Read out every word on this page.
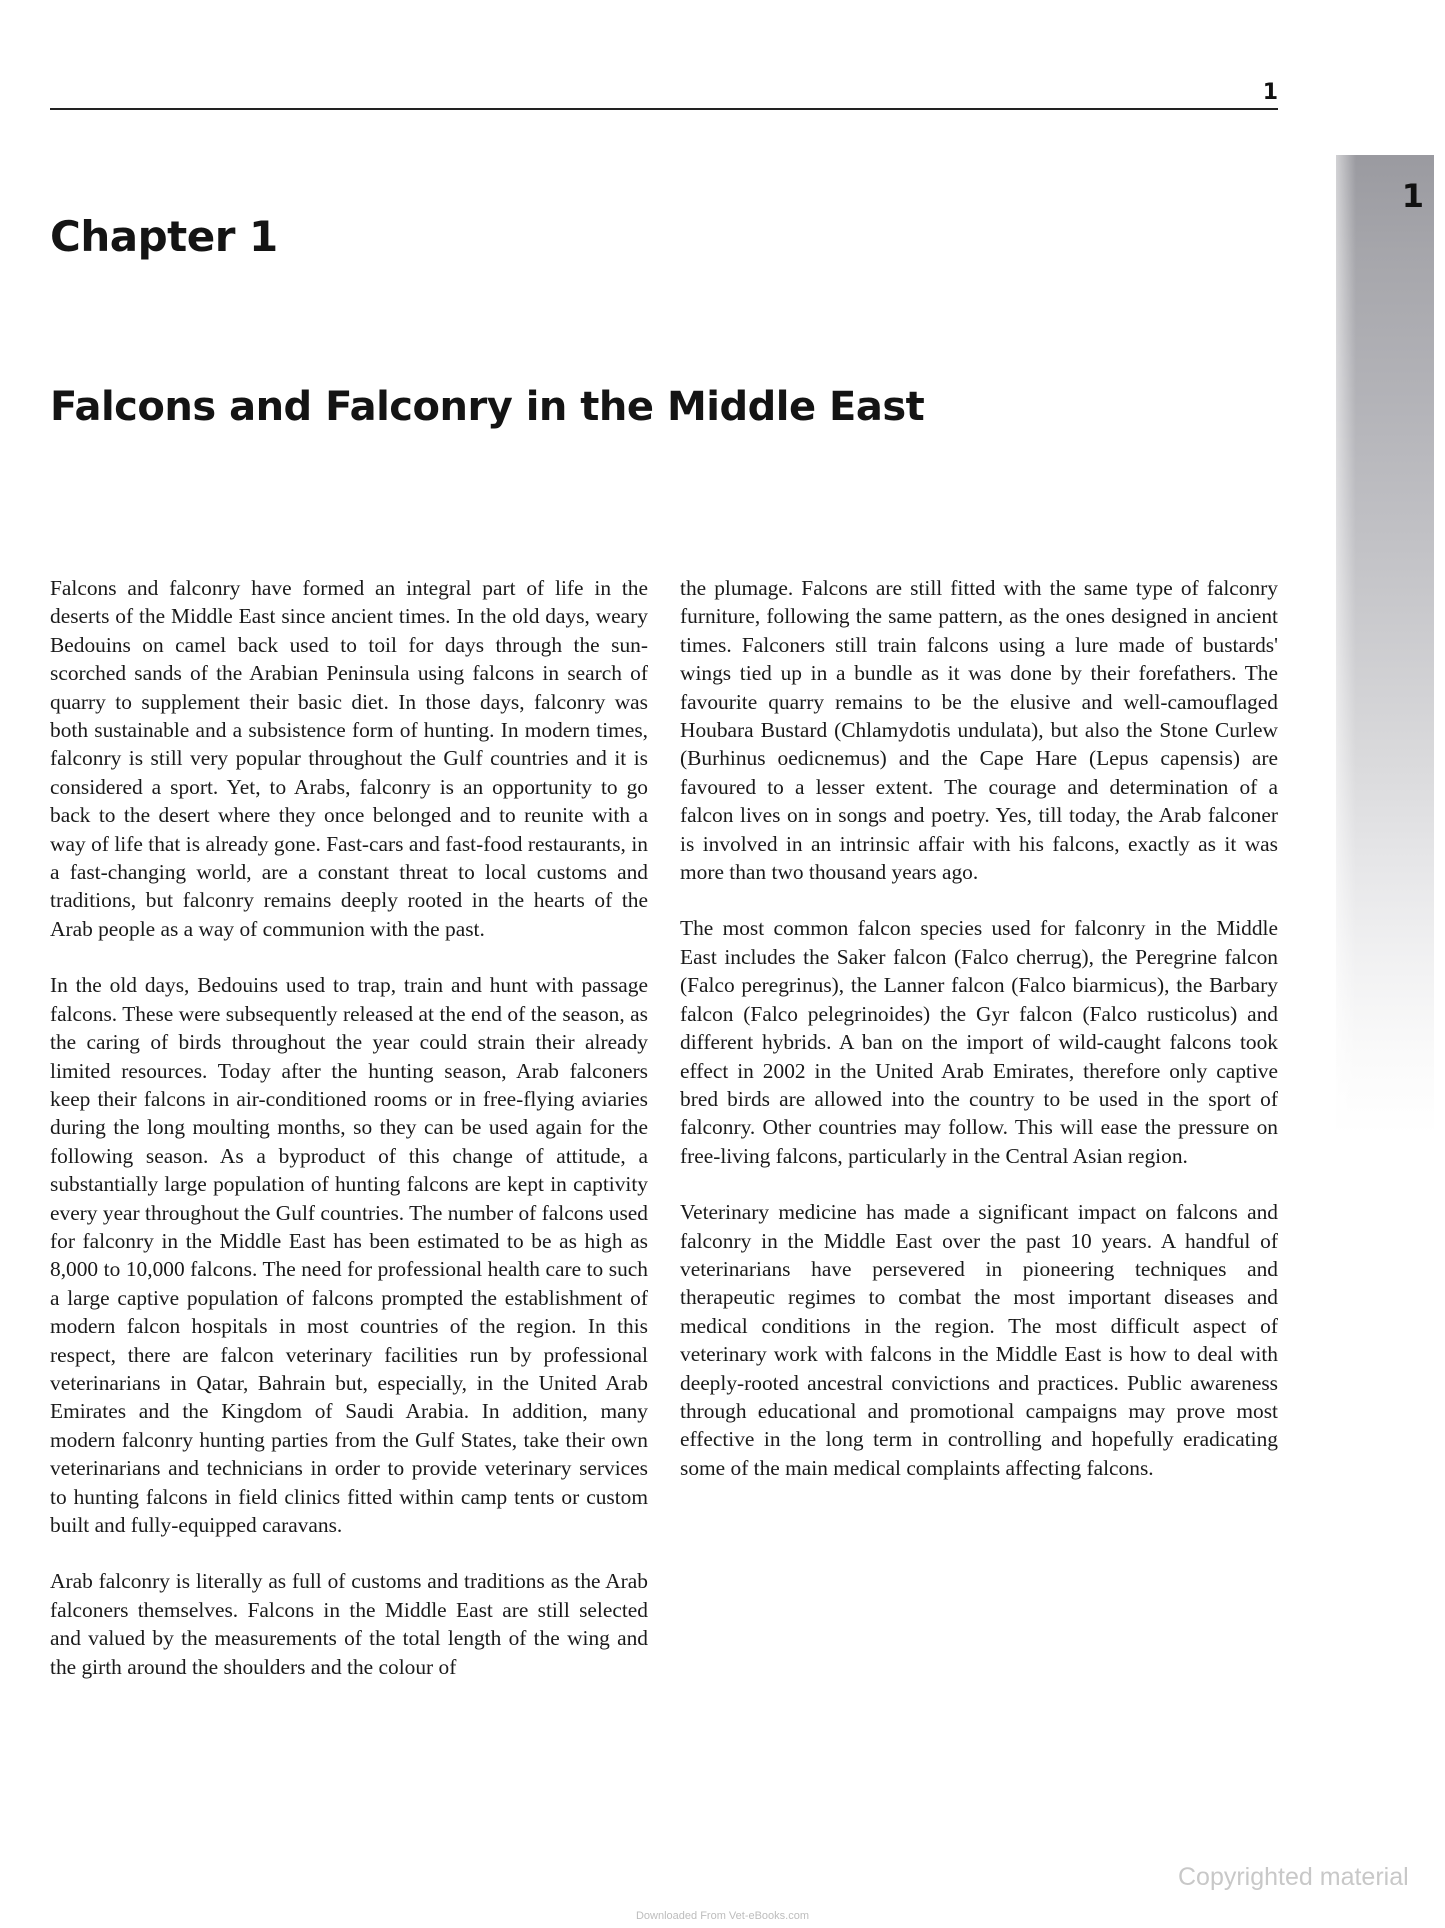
1
1
Chapter 1
Falcons and Falconry in the Middle East

Falcons and falconry have formed an integral part of life in the deserts of the Middle East since ancient times. In the old days, weary Bedouins on camel back used to toil for days through the sun-scorched sands of the Arabian Peninsula using falcons in search of quarry to supplement their basic diet. In those days, falconry was both sustainable and a subsistence form of hunting. In modern times, falconry is still very popular throughout the Gulf countries and it is considered a sport. Yet, to Arabs, falconry is an opportunity to go back to the desert where they once belonged and to reunite with a way of life that is already gone. Fast-cars and fast-food restaurants, in a fast-changing world, are a constant threat to local customs and traditions, but falconry remains deeply rooted in the hearts of the Arab people as a way of communion with the past.

In the old days, Bedouins used to trap, train and hunt with passage falcons. These were subsequently released at the end of the season, as the caring of birds throughout the year could strain their already limited resources. Today after the hunting season, Arab falconers keep their falcons in air-conditioned rooms or in free-flying aviaries during the long moulting months, so they can be used again for the following season. As a byproduct of this change of attitude, a substantially large population of hunting falcons are kept in captivity every year throughout the Gulf countries. The number of falcons used for falconry in the Middle East has been estimated to be as high as 8,000 to 10,000 falcons. The need for professional health care to such a large captive population of falcons prompted the establishment of modern falcon hospitals in most countries of the region. In this respect, there are falcon veterinary facilities run by professional veterinarians in Qatar, Bahrain but, especially, in the United Arab Emirates and the Kingdom of Saudi Arabia. In addition, many modern falconry hunting parties from the Gulf States, take their own veterinarians and technicians in order to provide veterinary services to hunting falcons in field clinics fitted within camp tents or custom built and fully-equipped caravans.

Arab falconry is literally as full of customs and traditions as the Arab falconers themselves. Falcons in the Middle East are still selected and valued by the measurements of the total length of the wing and the girth around the shoulders and the colour of

the plumage. Falcons are still fitted with the same type of falconry furniture, following the same pattern, as the ones designed in ancient times. Falconers still train falcons using a lure made of bustards' wings tied up in a bundle as it was done by their forefathers. The favourite quarry remains to be the elusive and well-camouflaged Houbara Bustard (Chlamydotis undulata), but also the Stone Curlew (Burhinus oedicnemus) and the Cape Hare (Lepus capensis) are favoured to a lesser extent. The courage and determination of a falcon lives on in songs and poetry. Yes, till today, the Arab falconer is involved in an intrinsic affair with his falcons, exactly as it was more than two thousand years ago.

The most common falcon species used for falconry in the Middle East includes the Saker falcon (Falco cherrug), the Peregrine falcon (Falco peregrinus), the Lanner falcon (Falco biarmicus), the Barbary falcon (Falco pelegrinoides) the Gyr falcon (Falco rusticolus) and different hybrids. A ban on the import of wild-caught falcons took effect in 2002 in the United Arab Emirates, therefore only captive bred birds are allowed into the country to be used in the sport of falconry. Other countries may follow. This will ease the pressure on free-living falcons, particularly in the Central Asian region.

Veterinary medicine has made a significant impact on falcons and falconry in the Middle East over the past 10 years. A handful of veterinarians have persevered in pioneering techniques and therapeutic regimes to combat the most important diseases and medical conditions in the region. The most difficult aspect of veterinary work with falcons in the Middle East is how to deal with deeply-rooted ancestral convictions and practices. Public awareness through educational and promotional campaigns may prove most effective in the long term in controlling and hopefully eradicating some of the main medical complaints affecting falcons.

Copyrighted material
Downloaded From Vet-eBooks.com
